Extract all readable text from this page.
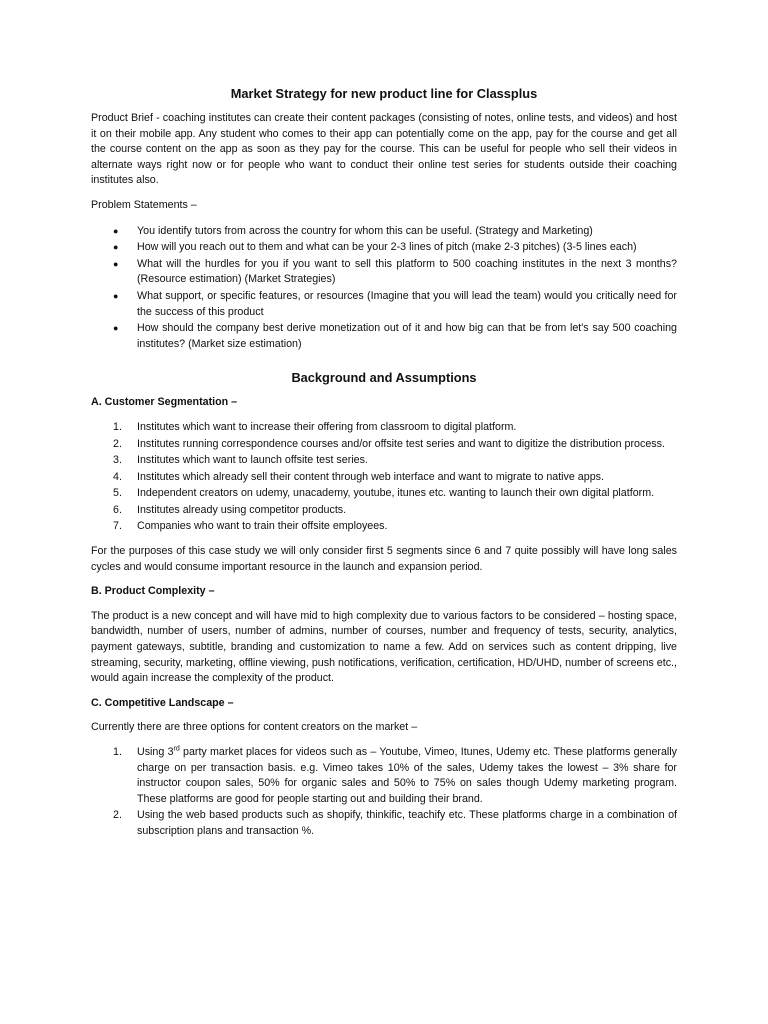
Market Strategy for new product line for Classplus

Product Brief - coaching institutes can create their content packages (consisting of notes, online tests, and videos) and host it on their mobile app. Any student who comes to their app can potentially come on the app, pay for the course and get all the course content on the app as soon as they pay for the course. This can be useful for people who sell their videos in alternate ways right now or for people who want to conduct their online test series for students outside their coaching institutes also.

Problem Statements –

● You identify tutors from across the country for whom this can be useful. (Strategy and Marketing)
● How will you reach out to them and what can be your 2-3 lines of pitch (make 2-3 pitches) (3-5 lines each)
● What will the hurdles for you if you want to sell this platform to 500 coaching institutes in the next 3 months? (Resource estimation) (Market Strategies)
● What support, or specific features, or resources (Imagine that you will lead the team) would you critically need for the success of this product
● How should the company best derive monetization out of it and how big can that be from let's say 500 coaching institutes? (Market size estimation)
Background and Assumptions

A. Customer Segmentation –

1. Institutes which want to increase their offering from classroom to digital platform.
2. Institutes running correspondence courses and/or offsite test series and want to digitize the distribution process.
3. Institutes which want to launch offsite test series.
4. Institutes which already sell their content through web interface and want to migrate to native apps.
5. Independent creators on udemy, unacademy, youtube, itunes etc. wanting to launch their own digital platform.
6. Institutes already using competitor products.
7. Companies who want to train their offsite employees.

For the purposes of this case study we will only consider first 5 segments since 6 and 7 quite possibly will have long sales cycles and would consume important resource in the launch and expansion period.

B. Product Complexity –

The product is a new concept and will have mid to high complexity due to various factors to be considered – hosting space, bandwidth, number of users, number of admins, number of courses, number and frequency of tests, security, analytics, payment gateways, subtitle, branding and customization to name a few. Add on services such as content dripping, live streaming, security, marketing, offline viewing, push notifications, verification, certification, HD/UHD, number of screens etc., would again increase the complexity of the product.

C. Competitive Landscape –

Currently there are three options for content creators on the market –

1. Using 3rd party market places for videos such as – Youtube, Vimeo, Itunes, Udemy etc. These platforms generally charge on per transaction basis. e.g. Vimeo takes 10% of the sales, Udemy takes the lowest – 3% share for instructor coupon sales, 50% for organic sales and 50% to 75% on sales though Udemy marketing program. These platforms are good for people starting out and building their brand.
2. Using the web based products such as shopify, thinkific, teachify etc. These platforms charge in a combination of subscription plans and transaction %.
